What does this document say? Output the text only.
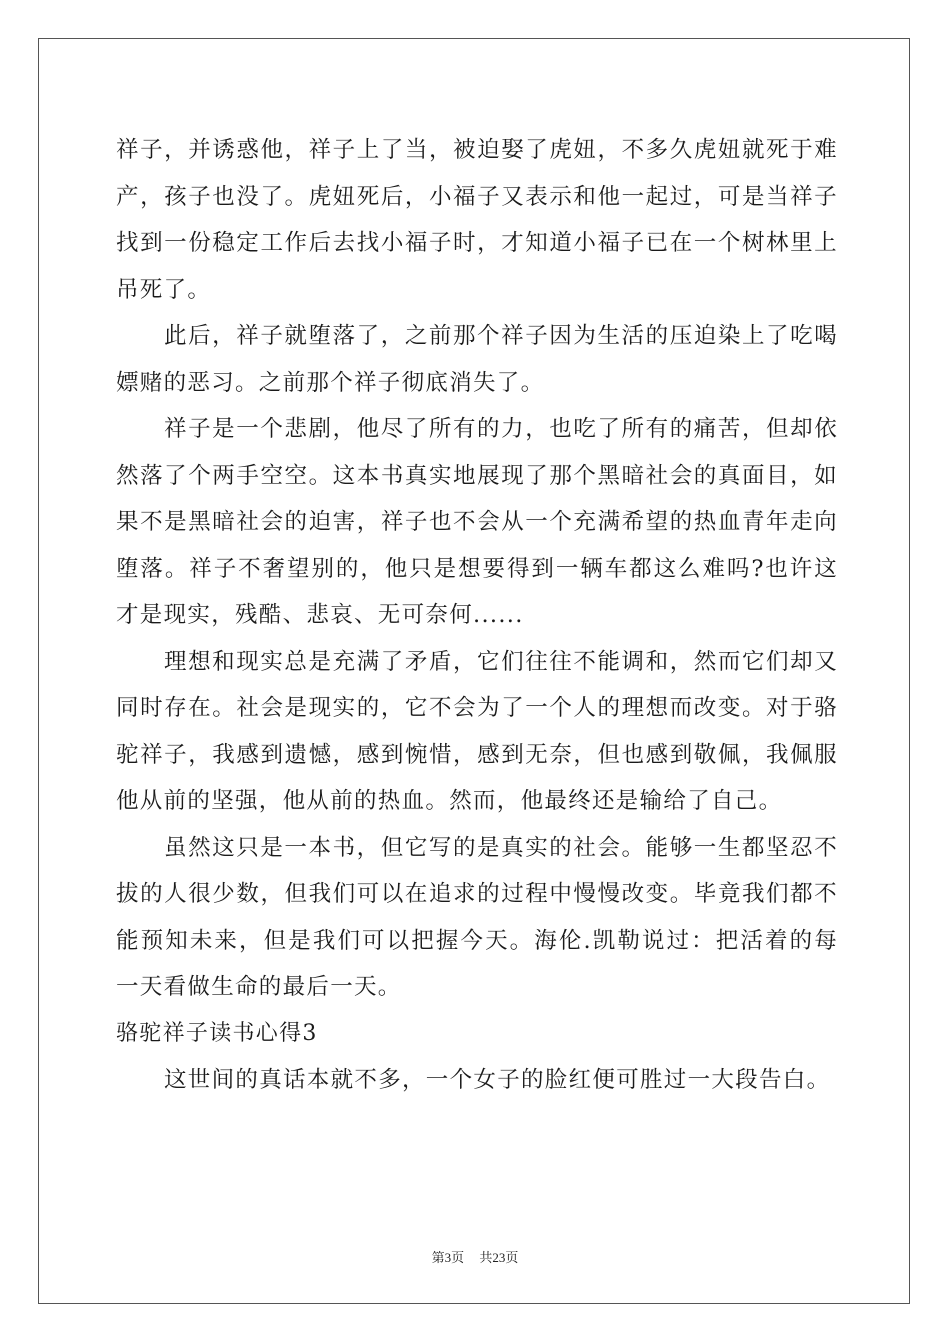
祥子，并诱惑他，祥子上了当，被迫娶了虎妞，不多久虎妞就死于难产，孩子也没了。虎妞死后，小福子又表示和他一起过，可是当祥子找到一份稳定工作后去找小福子时，才知道小福子已在一个树林里上吊死了。

此后，祥子就堕落了，之前那个祥子因为生活的压迫染上了吃喝嫖赌的恶习。之前那个祥子彻底消失了。

祥子是一个悲剧，他尽了所有的力，也吃了所有的痛苦，但却依然落了个两手空空。这本书真实地展现了那个黑暗社会的真面目，如果不是黑暗社会的迫害，祥子也不会从一个充满希望的热血青年走向堕落。祥子不奢望别的，他只是想要得到一辆车都这么难吗?也许这才是现实，残酷、悲哀、无可奈何......

理想和现实总是充满了矛盾，它们往往不能调和，然而它们却又同时存在。社会是现实的，它不会为了一个人的理想而改变。对于骆驼祥子，我感到遗憾，感到惋惜，感到无奈，但也感到敬佩，我佩服他从前的坚强，他从前的热血。然而，他最终还是输给了自己。

虽然这只是一本书，但它写的是真实的社会。能够一生都坚忍不拔的人很少数，但我们可以在追求的过程中慢慢改变。毕竟我们都不能预知未来，但是我们可以把握今天。海伦.凯勒说过：把活着的每一天看做生命的最后一天。

骆驼祥子读书心得3

这世间的真话本就不多，一个女子的脸红便可胜过一大段告白。

第3页 共23页
